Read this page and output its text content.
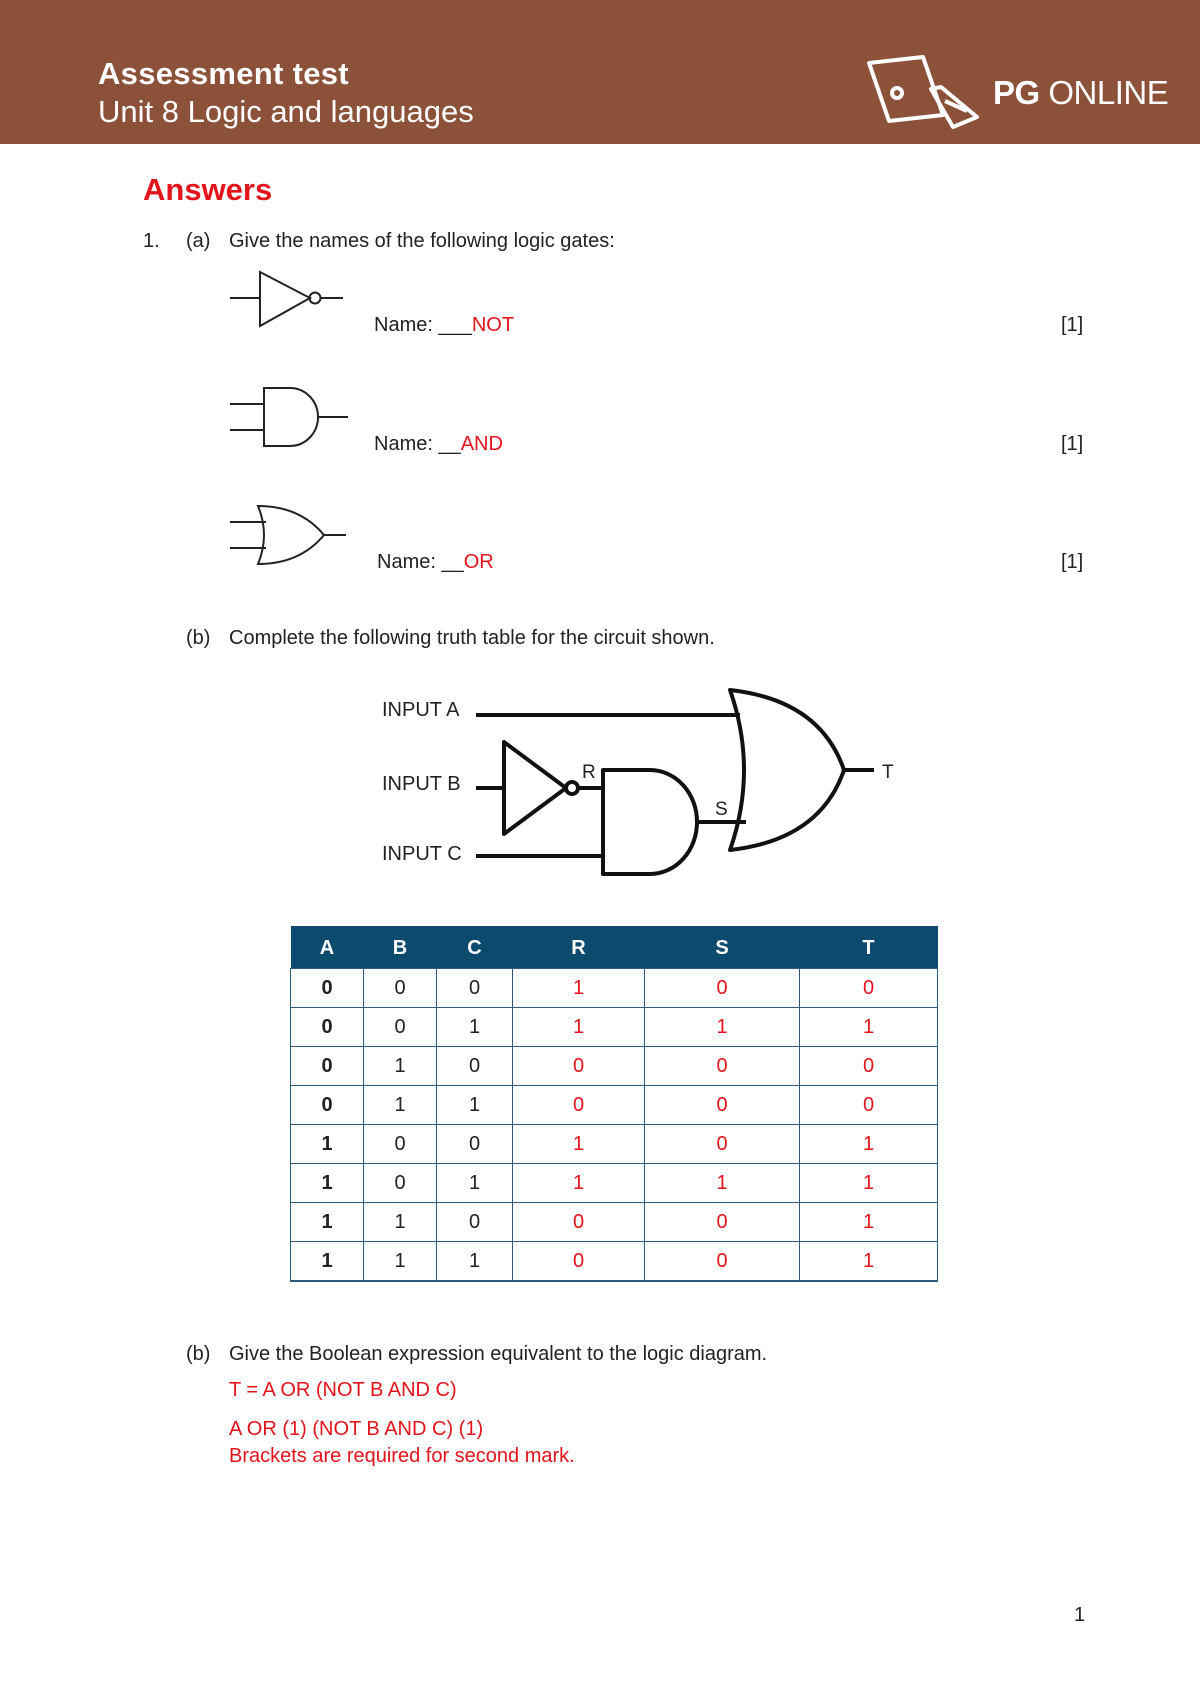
Assessment test
Unit 8 Logic and languages
PG ONLINE
Answers
1. (a) Give the names of the following logic gates:
Name: ___NOT	[1]
Name: __AND	[1]
Name: __OR	[1]
(b) Complete the following truth table for the circuit shown.
INPUT A
INPUT B
INPUT C
R
S
T
A	B	C	R	S	T
0	0	0	1	0	0
0	0	1	1	1	1
0	1	0	0	0	0
0	1	1	0	0	0
1	0	0	1	0	1
1	0	1	1	1	1
1	1	0	0	0	1
1	1	1	0	0	1
(b) Give the Boolean expression equivalent to the logic diagram.
T = A OR (NOT B AND C)
A OR (1) (NOT B AND C) (1)
Brackets are required for second mark.
1
